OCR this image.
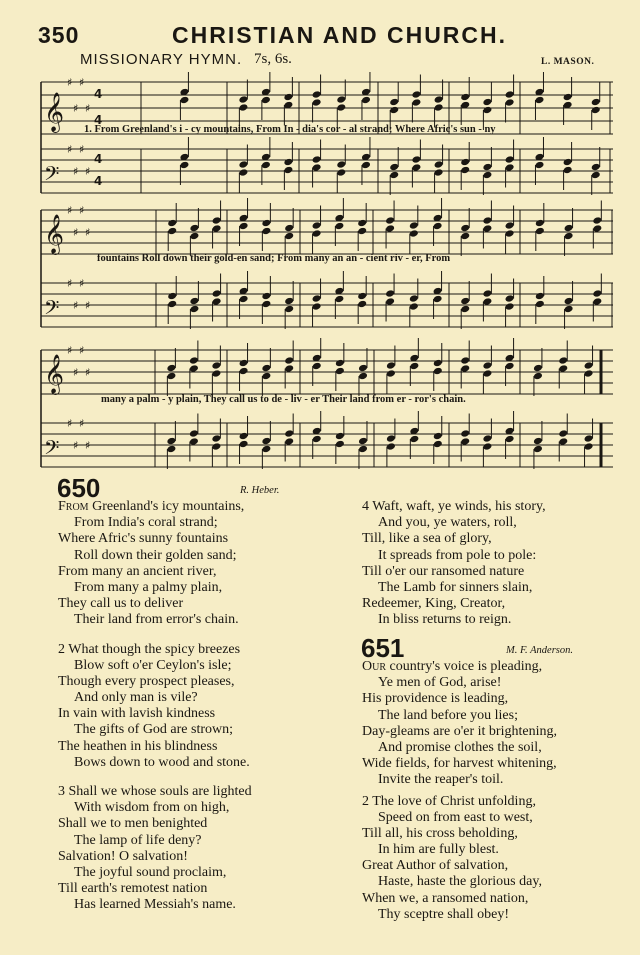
350	CHRISTIAN AND CHURCH.
MISSIONARY HYMN. 7s, 6s.	L. MASON.
𝄞
♯
♯
♯
♯
4
4
𝄢
♯
♯
♯
♯
4
4
𝄞
♯
♯
♯
♯
𝄢
♯
♯
♯
♯
𝄞
♯
♯
♯
♯
𝄢
♯
♯
♯
♯
1. From Greenland's i - cy mountains, From In - dia's cor - al strand; Where Afric's sun - ny
fountains Roll down their gold-en sand; From many an an - cient riv - er, From
many a palm - y plain, They call us to de - liv - er Their land from er - ror's chain.
650	R. Heber.
From Greenland's icy mountains,
From India's coral strand;
Where Afric's sunny fountains
Roll down their golden sand;
From many an ancient river,
From many a palmy plain,
They call us to deliver
Their land from error's chain.
2 What though the spicy breezes
Blow soft o'er Ceylon's isle;
Though every prospect pleases,
And only man is vile?
In vain with lavish kindness
The gifts of God are strown;
The heathen in his blindness
Bows down to wood and stone.
3 Shall we whose souls are lighted
With wisdom from on high,
Shall we to men benighted
The lamp of life deny?
Salvation! O salvation!
The joyful sound proclaim,
Till earth's remotest nation
Has learned Messiah's name.
4 Waft, waft, ye winds, his story,
And you, ye waters, roll,
Till, like a sea of glory,
It spreads from pole to pole:
Till o'er our ransomed nature
The Lamb for sinners slain,
Redeemer, King, Creator,
In bliss returns to reign.
651	M. F. Anderson.
Our country's voice is pleading,
Ye men of God, arise!
His providence is leading,
The land before you lies;
Day-gleams are o'er it brightening,
And promise clothes the soil,
Wide fields, for harvest whitening,
Invite the reaper's toil.
2 The love of Christ unfolding,
Speed on from east to west,
Till all, his cross beholding,
In him are fully blest.
Great Author of salvation,
Haste, haste the glorious day,
When we, a ransomed nation,
Thy sceptre shall obey!
